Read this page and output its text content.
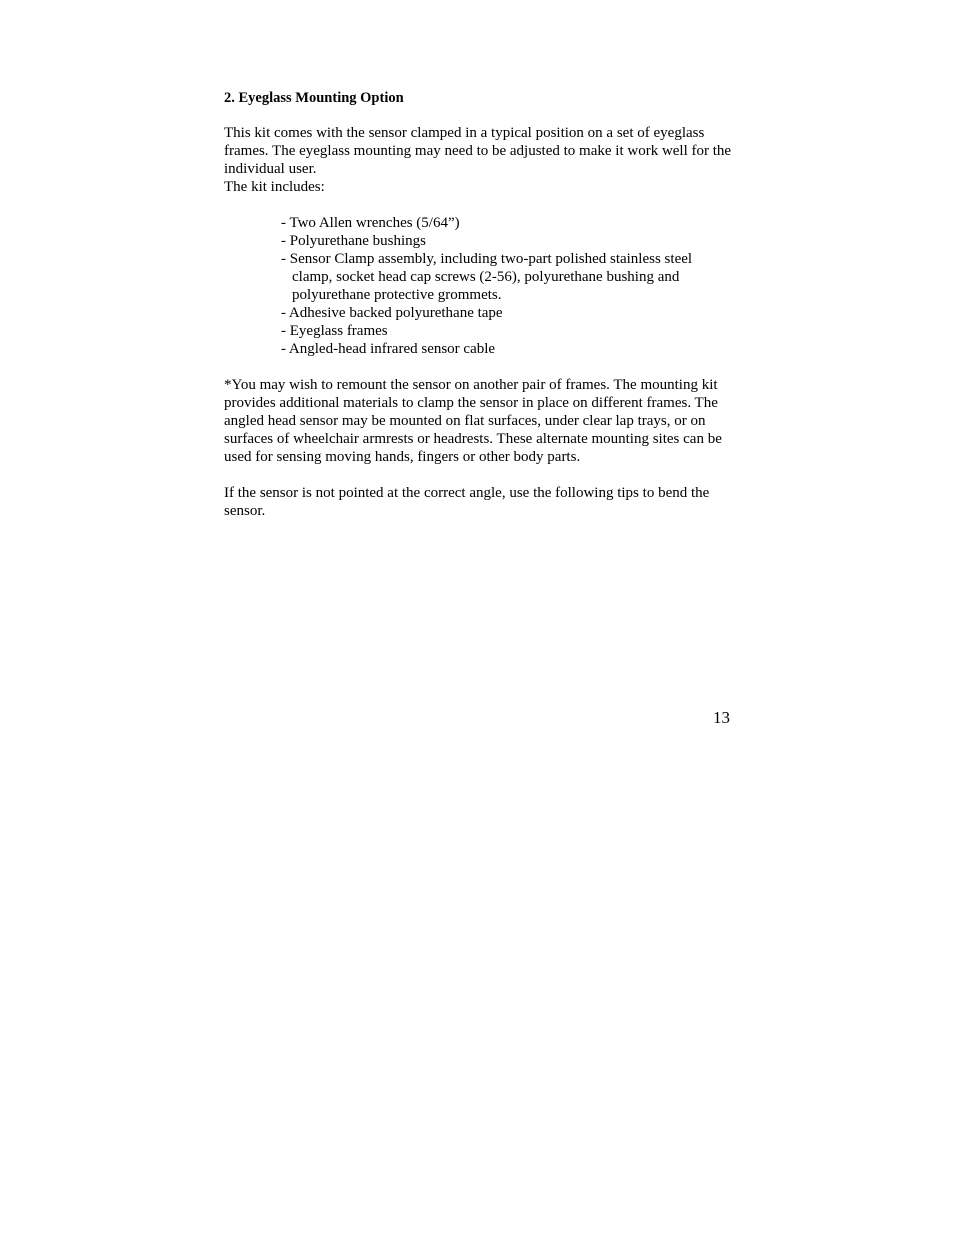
2. Eyeglass Mounting Option

This kit comes with the sensor clamped in a typical position on a set of eyeglass frames. The eyeglass mounting may need to be adjusted to make it work well for the individual user.

The kit includes:

- Two Allen wrenches (5/64”)
- Polyurethane bushings
- Sensor Clamp assembly, including two-part polished stainless steel clamp, socket head cap screws (2-56), polyurethane bushing and polyurethane protective grommets.
- Adhesive backed polyurethane tape
- Eyeglass frames
- Angled-head infrared sensor cable

*You may wish to remount the sensor on another pair of frames. The mounting kit provides additional materials to clamp the sensor in place on different frames. The angled head sensor may be mounted on flat surfaces, under clear lap trays, or on surfaces of wheelchair armrests or headrests. These alternate mounting sites can be used for sensing moving hands, fingers or other body parts.

If the sensor is not pointed at the correct angle, use the following tips to bend the sensor.

13
